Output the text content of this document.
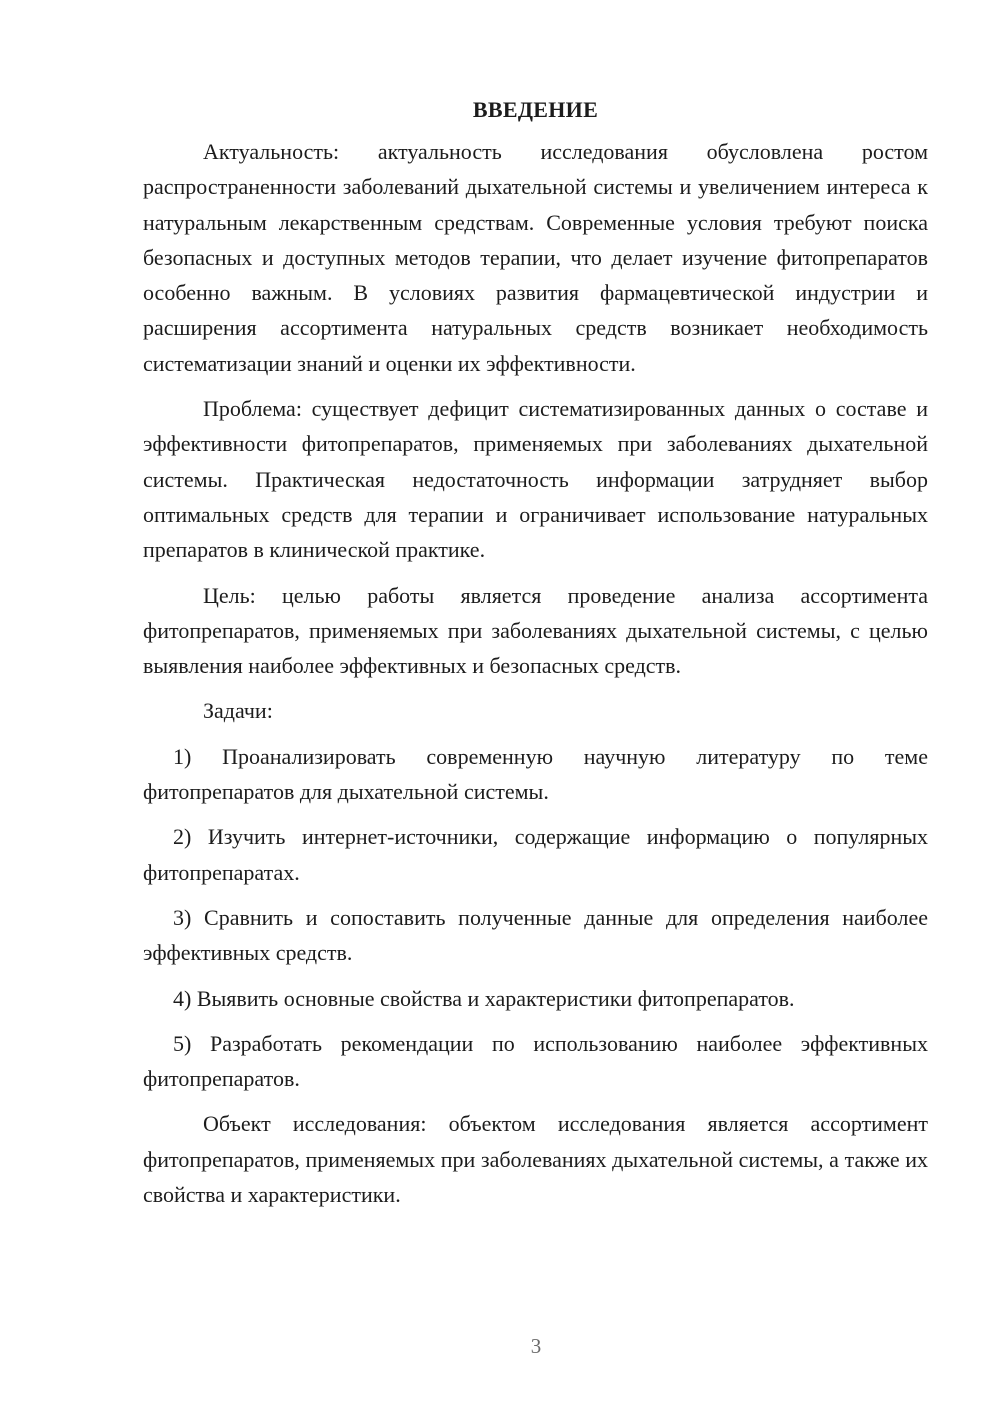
ВВЕДЕНИЕ

Актуальность: актуальность исследования обусловлена ростом распространенности заболеваний дыхательной системы и увеличением интереса к натуральным лекарственным средствам. Современные условия требуют поиска безопасных и доступных методов терапии, что делает изучение фитопрепаратов особенно важным. В условиях развития фармацевтической индустрии и расширения ассортимента натуральных средств возникает необходимость систематизации знаний и оценки их эффективности.

Проблема: существует дефицит систематизированных данных о составе и эффективности фитопрепаратов, применяемых при заболеваниях дыхательной системы. Практическая недостаточность информации затрудняет выбор оптимальных средств для терапии и ограничивает использование натуральных препаратов в клинической практике.

Цель: целью работы является проведение анализа ассортимента фитопрепаратов, применяемых при заболеваниях дыхательной системы, с целью выявления наиболее эффективных и безопасных средств.

Задачи:

1) Проанализировать современную научную литературу по теме фитопрепаратов для дыхательной системы.

2) Изучить интернет-источники, содержащие информацию о популярных фитопрепаратах.

3) Сравнить и сопоставить полученные данные для определения наиболее эффективных средств.

4) Выявить основные свойства и характеристики фитопрепаратов.

5) Разработать рекомендации по использованию наиболее эффективных фитопрепаратов.

Объект исследования: объектом исследования является ассортимент фитопрепаратов, применяемых при заболеваниях дыхательной системы, а также их свойства и характеристики.

3
